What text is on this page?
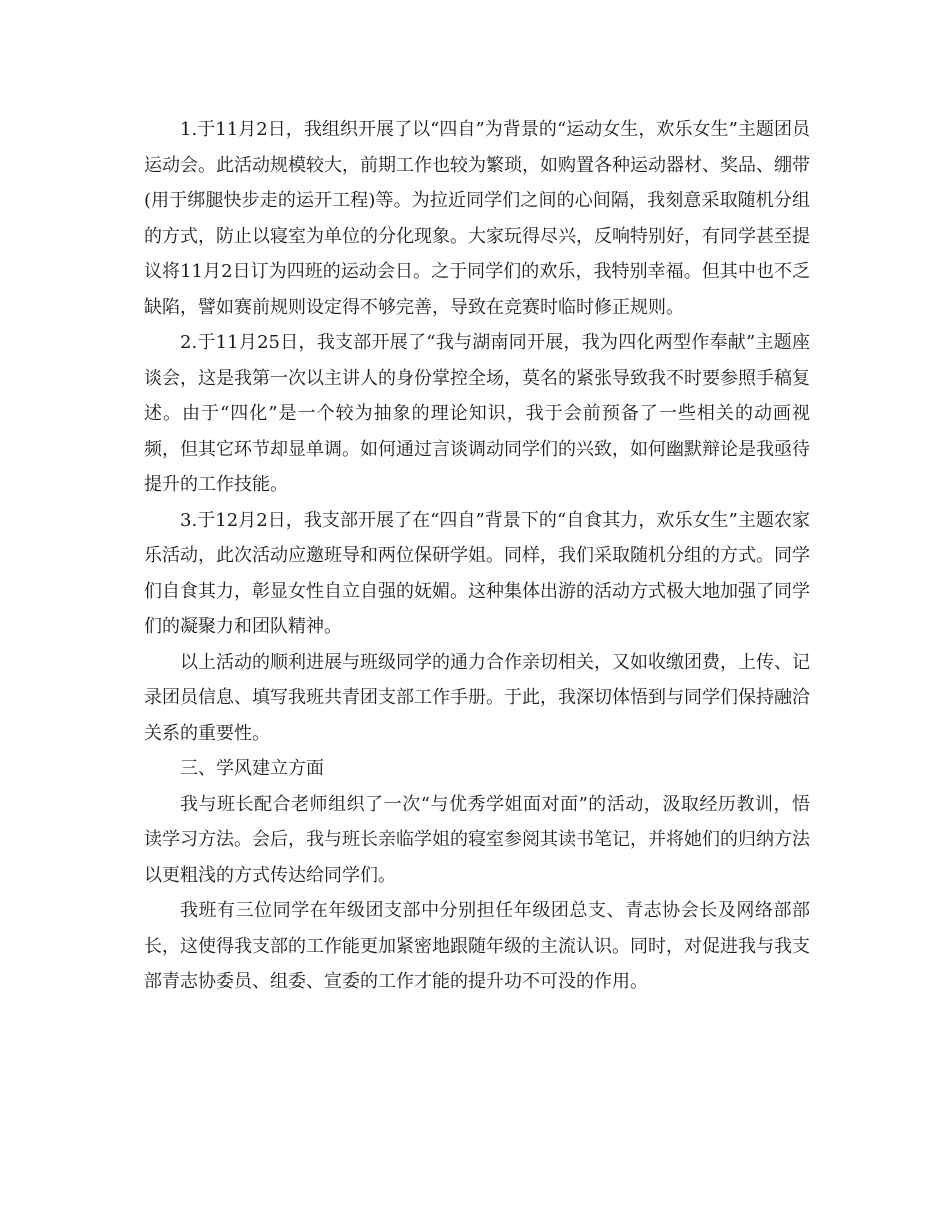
1.于11月2日，我组织开展了以“四自”为背景的“运动女生，欢乐女生”主题团员运动会。此活动规模较大，前期工作也较为繁琐，如购置各种运动器材、奖品、绷带(用于绑腿快步走的运开工程)等。为拉近同学们之间的心间隔，我刻意采取随机分组的方式，防止以寝室为单位的分化现象。大家玩得尽兴，反响特别好，有同学甚至提议将11月2日订为四班的运动会日。之于同学们的欢乐，我特别幸福。但其中也不乏缺陷，譬如赛前规则设定得不够完善，导致在竞赛时临时修正规则。

2.于11月25日，我支部开展了“我与湖南同开展，我为四化两型作奉献”主题座谈会，这是我第一次以主讲人的身份掌控全场，莫名的紧张导致我不时要参照手稿复述。由于“四化”是一个较为抽象的理论知识，我于会前预备了一些相关的动画视频，但其它环节却显单调。如何通过言谈调动同学们的兴致，如何幽默辩论是我亟待提升的工作技能。

3.于12月2日，我支部开展了在“四自”背景下的“自食其力，欢乐女生”主题农家乐活动，此次活动应邀班导和两位保研学姐。同样，我们采取随机分组的方式。同学们自食其力，彰显女性自立自强的妩媚。这种集体出游的活动方式极大地加强了同学们的凝聚力和团队精神。

以上活动的顺利进展与班级同学的通力合作亲切相关，又如收缴团费，上传、记录团员信息、填写我班共青团支部工作手册。于此，我深切体悟到与同学们保持融洽关系的重要性。

三、学风建立方面

我与班长配合老师组织了一次“与优秀学姐面对面”的活动，汲取经历教训，悟读学习方法。会后，我与班长亲临学姐的寝室参阅其读书笔记，并将她们的归纳方法以更粗浅的方式传达给同学们。

我班有三位同学在年级团支部中分别担任年级团总支、青志协会长及网络部部长，这使得我支部的工作能更加紧密地跟随年级的主流认识。同时，对促进我与我支部青志协委员、组委、宣委的工作才能的提升功不可没的作用。
